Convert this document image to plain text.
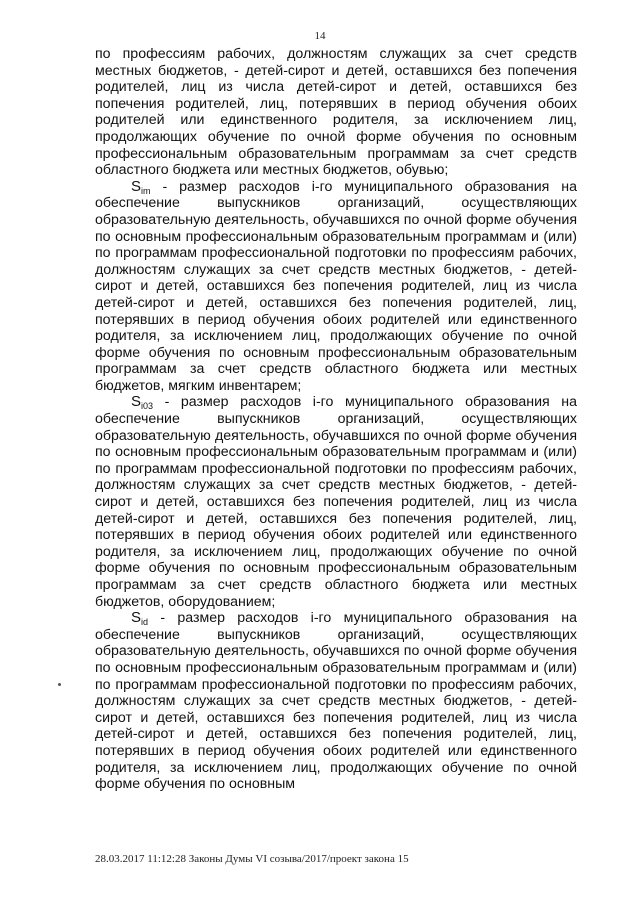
14

по профессиям рабочих, должностям служащих за счет средств местных бюджетов, - детей-сирот и детей, оставшихся без попечения родителей, лиц из числа детей-сирот и детей, оставшихся без попечения родителей, лиц, потерявших в период обучения обоих родителей или единственного родителя, за исключением лиц, продолжающих обучение по очной форме обучения по основным профессиональным образовательным программам за счет средств областного бюджета или местных бюджетов, обувью;

$S_{im}$ - размер расходов i-го муниципального образования на обеспечение выпускников организаций, осуществляющих образовательную деятельность, обучавшихся по очной форме обучения по основным профессиональным образовательным программам и (или) по программам профессиональной подготовки по профессиям рабочих, должностям служащих за счет средств местных бюджетов, - детей-сирот и детей, оставшихся без попечения родителей, лиц из числа детей-сирот и детей, оставшихся без попечения родителей, лиц, потерявших в период обучения обоих родителей или единственного родителя, за исключением лиц, продолжающих обучение по очной форме обучения по основным профессиональным образовательным программам за счет средств областного бюджета или местных бюджетов, мягким инвентарем;

$S_{i03}$ - размер расходов i-го муниципального образования на обеспечение выпускников организаций, осуществляющих образовательную деятельность, обучавшихся по очной форме обучения по основным профессиональным образовательным программам и (или) по программам профессиональной подготовки по профессиям рабочих, должностям служащих за счет средств местных бюджетов, - детей-сирот и детей, оставшихся без попечения родителей, лиц из числа детей-сирот и детей, оставшихся без попечения родителей, лиц, потерявших в период обучения обоих родителей или единственного родителя, за исключением лиц, продолжающих обучение по очной форме обучения по основным профессиональным образовательным программам за счет средств областного бюджета или местных бюджетов, оборудованием;

$S_{id}$ - размер расходов i-го муниципального образования на обеспечение выпускников организаций, осуществляющих образовательную деятельность, обучавшихся по очной форме обучения по основным профессиональным образовательным программам и (или) по программам профессиональной подготовки по профессиям рабочих, должностям служащих за счет средств местных бюджетов, - детей-сирот и детей, оставшихся без попечения родителей, лиц из числа детей-сирот и детей, оставшихся без попечения родителей, лиц, потерявших в период обучения обоих родителей или единственного родителя, за исключением лиц, продолжающих обучение по очной форме обучения по основным

28.03.2017 11:12:28 Законы Думы VI созыва/2017/проект закона 15
